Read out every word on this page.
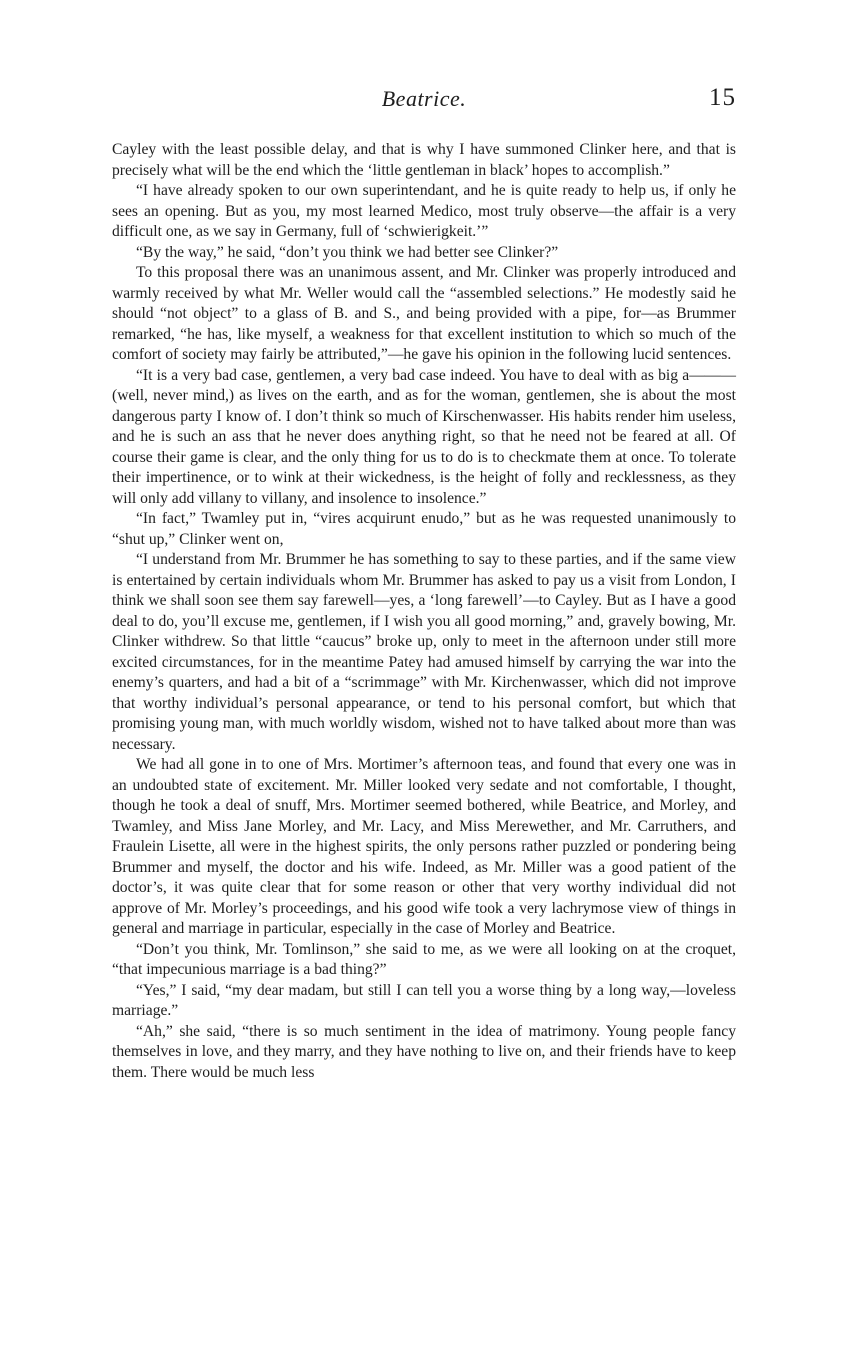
Beatrice.	15

Cayley with the least possible delay, and that is why I have summoned Clinker here, and that is precisely what will be the end which the ‘little gentleman in black’ hopes to accomplish.”

“I have already spoken to our own superintendant, and he is quite ready to help us, if only he sees an opening. But as you, my most learned Medico, most truly observe—the affair is a very difficult one, as we say in Germany, full of ‘schwierigkeit.’”

“By the way,” he said, “don’t you think we had better see Clinker?”

To this proposal there was an unanimous assent, and Mr. Clinker was properly introduced and warmly received by what Mr. Weller would call the “assembled selections.” He modestly said he should “not object” to a glass of B. and S., and being provided with a pipe, for—as Brummer remarked, “he has, like myself, a weakness for that excellent institution to which so much of the comfort of society may fairly be attributed,”—he gave his opinion in the following lucid sentences.

“It is a very bad case, gentlemen, a very bad case indeed. You have to deal with as big a———(well, never mind,) as lives on the earth, and as for the woman, gentlemen, she is about the most dangerous party I know of. I don’t think so much of Kirschenwasser. His habits render him useless, and he is such an ass that he never does anything right, so that he need not be feared at all. Of course their game is clear, and the only thing for us to do is to checkmate them at once. To tolerate their impertinence, or to wink at their wickedness, is the height of folly and recklessness, as they will only add villany to villany, and insolence to insolence.”

“In fact,” Twamley put in, “vires acquirunt enudo,” but as he was requested unanimously to “shut up,” Clinker went on,

“I understand from Mr. Brummer he has something to say to these parties, and if the same view is entertained by certain individuals whom Mr. Brummer has asked to pay us a visit from London, I think we shall soon see them say farewell—yes, a ‘long farewell’—to Cayley. But as I have a good deal to do, you’ll excuse me, gentlemen, if I wish you all good morning,” and, gravely bowing, Mr. Clinker withdrew. So that little “caucus” broke up, only to meet in the afternoon under still more excited circumstances, for in the meantime Patey had amused himself by carrying the war into the enemy’s quarters, and had a bit of a “scrimmage” with Mr. Kirchenwasser, which did not improve that worthy individual’s personal appearance, or tend to his personal comfort, but which that promising young man, with much worldly wisdom, wished not to have talked about more than was necessary.

We had all gone in to one of Mrs. Mortimer’s afternoon teas, and found that every one was in an undoubted state of excitement. Mr. Miller looked very sedate and not comfortable, I thought, though he took a deal of snuff, Mrs. Mortimer seemed bothered, while Beatrice, and Morley, and Twamley, and Miss Jane Morley, and Mr. Lacy, and Miss Merewether, and Mr. Carruthers, and Fraulein Lisette, all were in the highest spirits, the only persons rather puzzled or pondering being Brummer and myself, the doctor and his wife. Indeed, as Mr. Miller was a good patient of the doctor’s, it was quite clear that for some reason or other that very worthy individual did not approve of Mr. Morley’s proceedings, and his good wife took a very lachrymose view of things in general and marriage in particular, especially in the case of Morley and Beatrice.

“Don’t you think, Mr. Tomlinson,” she said to me, as we were all looking on at the croquet, “that impecunious marriage is a bad thing?”

“Yes,” I said, “my dear madam, but still I can tell you a worse thing by a long way,—loveless marriage.”

“Ah,” she said, “there is so much sentiment in the idea of matrimony. Young people fancy themselves in love, and they marry, and they have nothing to live on, and their friends have to keep them. There would be much less
